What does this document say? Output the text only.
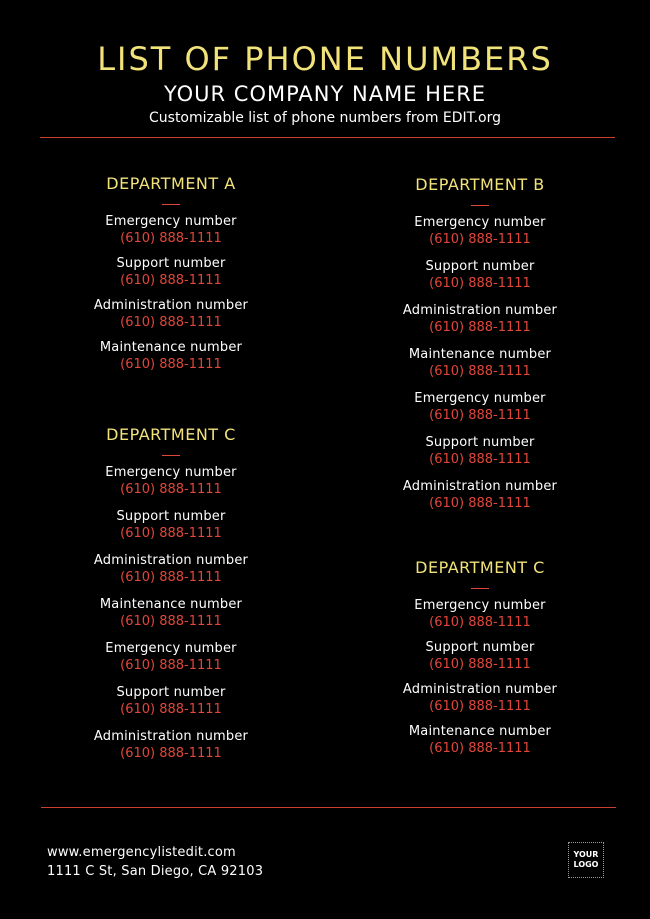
LIST OF PHONE NUMBERS
YOUR COMPANY NAME HERE
Customizable list of phone numbers from EDIT.org
DEPARTMENT A
Emergency number
(610) 888-1111
Support number
(610) 888-1111
Administration number
(610) 888-1111
Maintenance number
(610) 888-1111
DEPARTMENT C
Emergency number
(610) 888-1111
Support number
(610) 888-1111
Administration number
(610) 888-1111
Maintenance number
(610) 888-1111
Emergency number
(610) 888-1111
Support number
(610) 888-1111
Administration number
(610) 888-1111
DEPARTMENT B
Emergency number
(610) 888-1111
Support number
(610) 888-1111
Administration number
(610) 888-1111
Maintenance number
(610) 888-1111
Emergency number
(610) 888-1111
Support number
(610) 888-1111
Administration number
(610) 888-1111
DEPARTMENT C
Emergency number
(610) 888-1111
Support number
(610) 888-1111
Administration number
(610) 888-1111
Maintenance number
(610) 888-1111
www.emergencylistedit.com
1111 C St, San Diego, CA 92103
YOUR
LOGO
